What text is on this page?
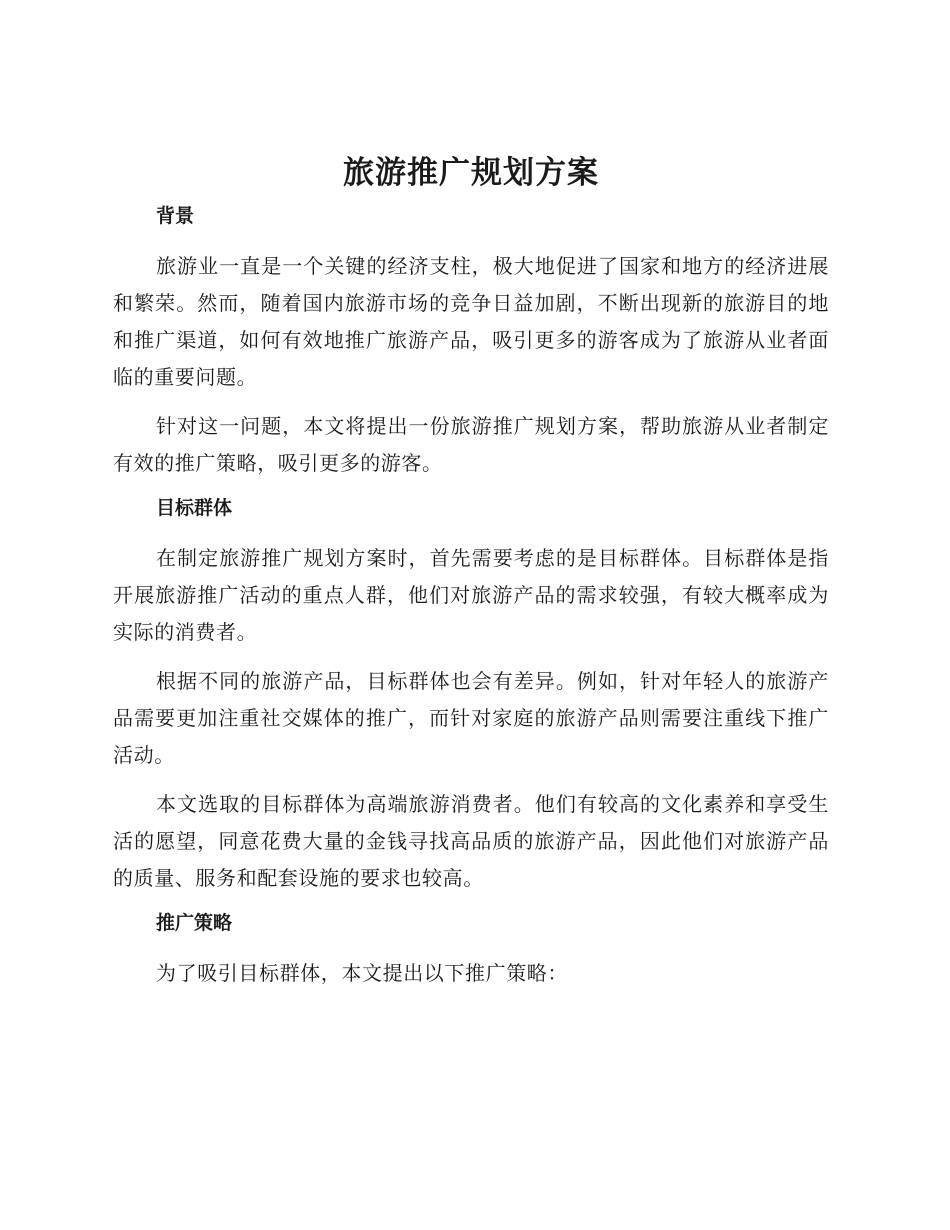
旅游推广规划方案
背景

旅游业一直是一个关键的经济支柱，极大地促进了国家和地方的经济进展和繁荣。然而，随着国内旅游市场的竞争日益加剧，不断出现新的旅游目的地和推广渠道，如何有效地推广旅游产品，吸引更多的游客成为了旅游从业者面临的重要问题。

针对这一问题，本文将提出一份旅游推广规划方案，帮助旅游从业者制定有效的推广策略，吸引更多的游客。

目标群体

在制定旅游推广规划方案时，首先需要考虑的是目标群体。目标群体是指开展旅游推广活动的重点人群，他们对旅游产品的需求较强，有较大概率成为实际的消费者。

根据不同的旅游产品，目标群体也会有差异。例如，针对年轻人的旅游产品需要更加注重社交媒体的推广，而针对家庭的旅游产品则需要注重线下推广活动。

本文选取的目标群体为高端旅游消费者。他们有较高的文化素养和享受生活的愿望，同意花费大量的金钱寻找高品质的旅游产品，因此他们对旅游产品的质量、服务和配套设施的要求也较高。

推广策略

为了吸引目标群体，本文提出以下推广策略：
